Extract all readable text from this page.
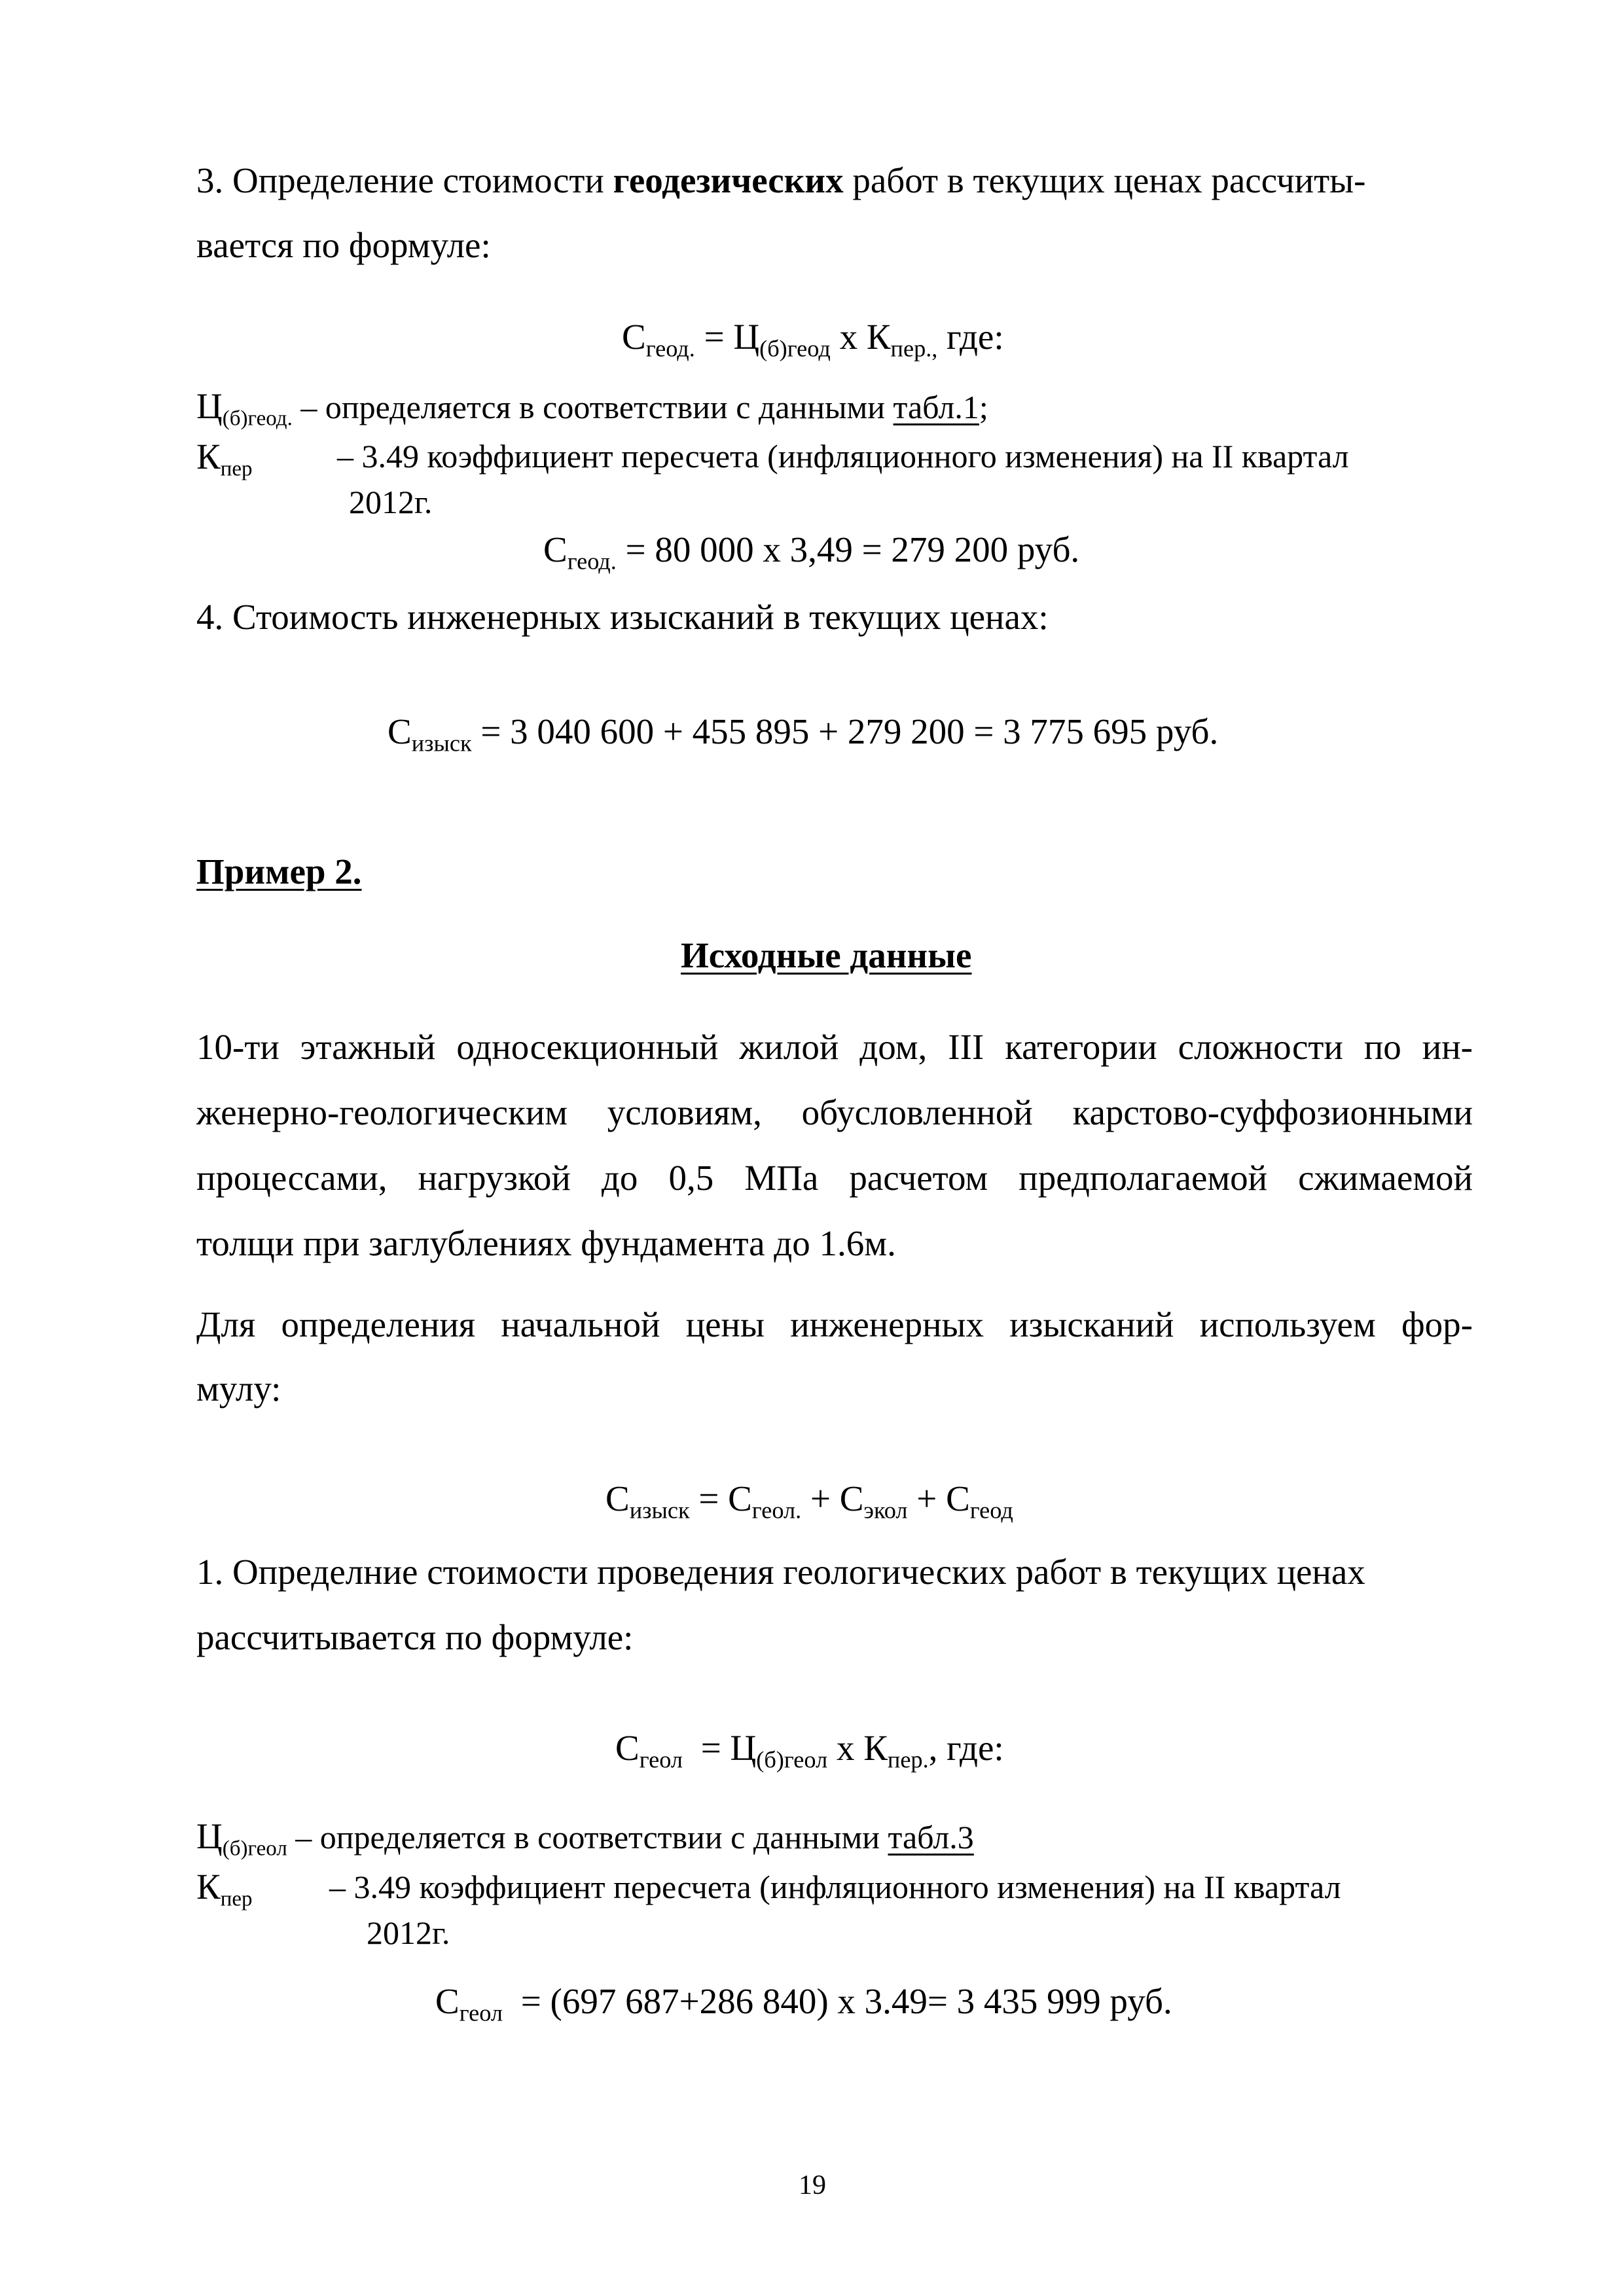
3. Определение стоимости геодезических работ в текущих ценах рассчиты-
вается по формуле:
$С_{геод.} = Ц_{(б)геод}$ х $К_{пер.,}$ где:
$Ц_{(б)геод.}$ – определяется в соответствии с данными табл.1;
$К_{пер}$	– 3.49 коэффициент пересчета (инфляционного изменения) на II квартал
2012г.
$С_{геод.} = 80$ 000 х 3,49 = 279 200 руб.
4. Стоимость инженерных изысканий в текущих ценах:
$С_{изыск} = 3$ 040 600 + 455 895 + 279 200 = 3 775 695 руб.
Пример 2.
Исходные данные
10-ти этажный односекционный жилой дом, III категории сложности по ин-
женерно-геологическим условиям, обусловленной карстово-суффозионными
процессами, нагрузкой до 0,5 МПа расчетом предполагаемой сжимаемой
толщи при заглублениях фундамента до 1.6м.
Для определения начальной цены инженерных изысканий используем фор-
мулу:
$С_{изыск} = С_{геол.} + С_{экол} + С_{геод}$
1. Определние стоимости проведения геологических работ в текущих ценах
рассчитывается по формуле:
$С_{геол} = Ц_{(б)геол}$ х $К_{пер.}$, где:
$Ц_{(б)геол}$ – определяется в соответствии с данными табл.3
$К_{пер} - 3.49$ коэффициент пересчета (инфляционного изменения) на II квартал
2012г.
$С_{геол} = (697$ 687+286 840) х 3.49= 3 435 999 руб.
19
